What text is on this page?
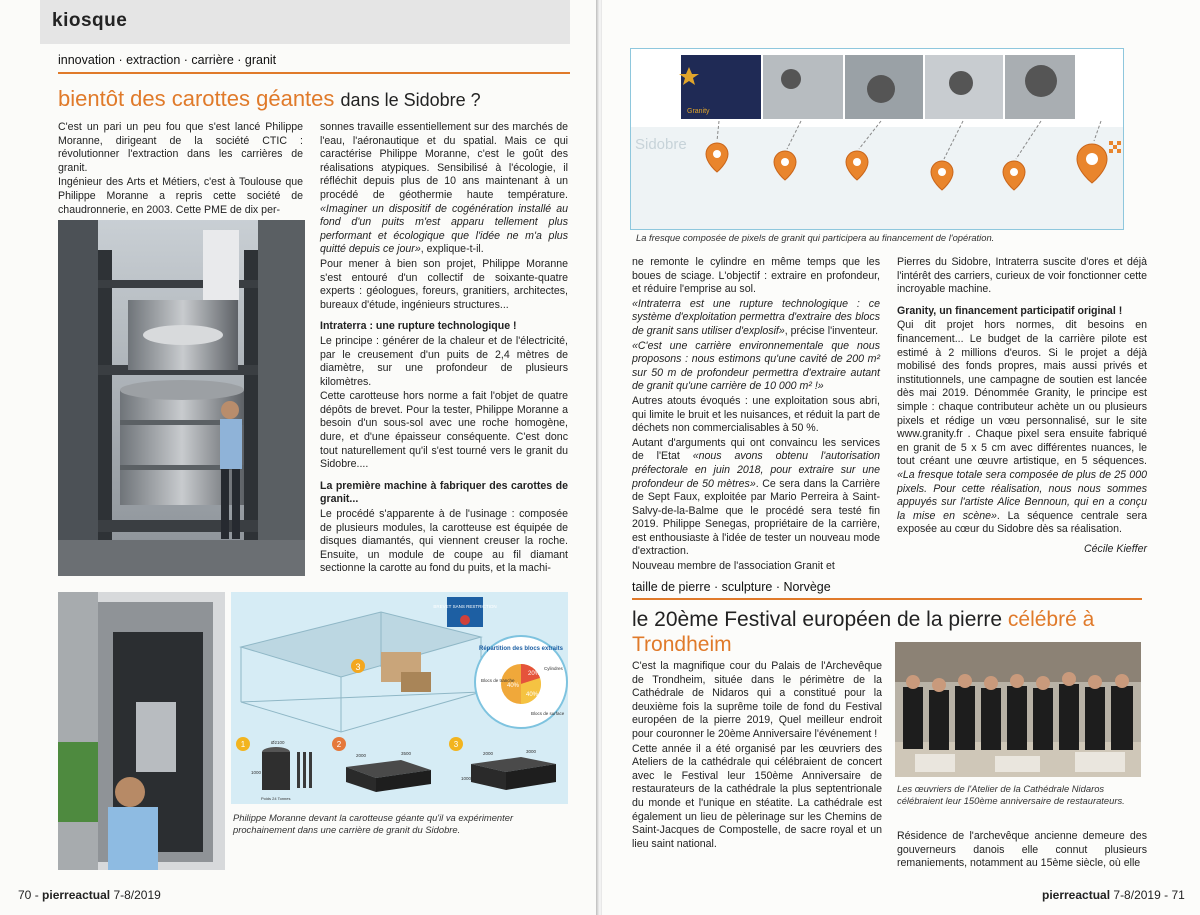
kiosque
innovation · extraction · carrière · granit
bientôt des carottes géantes dans le Sidobre ?

C'est un pari un peu fou que s'est lancé Philippe Moranne, dirigeant de la société CTIC : révolutionner l'extraction dans les carrières de granit.

Ingénieur des Arts et Métiers, c'est à Toulouse que Philippe Moranne a repris cette société de chaudronnerie, en 2003. Cette PME de dix per-

sonnes travaille essentiellement sur des marchés de l'eau, l'aéronautique et du spatial. Mais ce qui caractérise Philippe Moranne, c'est le goût des réalisations atypiques. Sensibilisé à l'écologie, il réfléchit depuis plus de 10 ans maintenant à un procédé de géothermie haute température. «Imaginer un dispositif de cogénération installé au fond d'un puits m'est apparu tellement plus performant et écologique que l'idée ne m'a plus quitté depuis ce jour», explique-t-il.

Pour mener à bien son projet, Philippe Moranne s'est entouré d'un collectif de soixante-quatre experts : géologues, foreurs, granitiers, architectes, bureaux d'étude, ingénieurs structures...

Intraterra : une rupture technologique !

Le principe : générer de la chaleur et de l'électricité, par le creusement d'un puits de 2,4 mètres de diamètre, sur une profondeur de plusieurs kilomètres.

Cette carotteuse hors norme a fait l'objet de quatre dépôts de brevet. Pour la tester, Philippe Moranne a besoin d'un sous-sol avec une roche homogène, dure, et d'une épaisseur conséquente. C'est donc tout naturellement qu'il s'est tourné vers le granit du Sidobre....

La première machine à fabriquer des carottes de granit...

Le procédé s'apparente à de l'usinage : composée de plusieurs modules, la carotteuse est équipée de disques diamantés, qui viennent creuser la roche. Ensuite, un module de coupe au fil diamant sectionne la carotte au fond du puits, et la machi-

3
BREVET SANS RESTRICTION
Répartition des blocs extraits
20%
40%
40%
Cylindres
Blocs de tranche
Blocs de surface
1	Ø2100
1000
Poids 24 Tonnes
2
2000	3500
3
2000	3000
1000
Philippe Moranne devant la carotteuse géante qu'il va expérimenter prochainement dans une carrière de granit du Sidobre.
70 - pierreactual 7-8/2019
Granity
Sidobre
La fresque composée de pixels de granit qui participera au financement de l'opération.

ne remonte le cylindre en même temps que les boues de sciage. L'objectif : extraire en profondeur, et réduire l'emprise au sol.

«Intraterra est une rupture technologique : ce système d'exploitation permettra d'extraire des blocs de granit sans utiliser d'explosif», précise l'inventeur.

«C'est une carrière environnementale que nous proposons : nous estimons qu'une cavité de 200 m² sur 50 m de profondeur permettra d'extraire autant de granit qu'une carrière de 10 000 m² !»

Autres atouts évoqués : une exploitation sous abri, qui limite le bruit et les nuisances, et réduit la part de déchets non commercialisables à 50 %.

Autant d'arguments qui ont convaincu les services de l'Etat «nous avons obtenu l'autorisation préfectorale en juin 2018, pour extraire sur une profondeur de 50 mètres». Ce sera dans la Carrière de Sept Faux, exploitée par Mario Perreira à Saint-Salvy-de-la-Balme que le procédé sera testé fin 2019. Philippe Senegas, propriétaire de la carrière, est enthousiaste à l'idée de tester un nouveau mode d'extraction.

Nouveau membre de l'association Granit et

Pierres du Sidobre, Intraterra suscite d'ores et déjà l'intérêt des carriers, curieux de voir fonctionner cette incroyable machine.

Granity, un financement participatif original !

Qui dit projet hors normes, dit besoins en financement... Le budget de la carrière pilote est estimé à 2 millions d'euros. Si le projet a déjà mobilisé des fonds propres, mais aussi privés et institutionnels, une campagne de soutien est lancée dès mai 2019. Dénommée Granity, le principe est simple : chaque contributeur achète un ou plusieurs pixels et rédige un vœu personnalisé, sur le site www.granity.fr . Chaque pixel sera ensuite fabriqué en granit de 5 x 5 cm avec différentes nuances, le tout créant une œuvre artistique, en 5 séquences. «La fresque totale sera composée de plus de 25 000 pixels. Pour cette réalisation, nous nous sommes appuyés sur l'artiste Alice Bennoun, qui en a conçu la mise en scène». La séquence centrale sera exposée au cœur du Sidobre dès sa réalisation.

Cécile Kieffer

taille de pierre · sculpture · Norvège
le 20ème Festival européen de la pierre célébré à
Trondheim

C'est la magnifique cour du Palais de l'Archevêque de Trondheim, située dans le périmètre de la Cathédrale de Nidaros qui a constitué pour la deuxième fois la suprême toile de fond du Festival européen de la pierre 2019, Quel meilleur endroit pour couronner le 20ème Anniversaire l'événement !

Cette année il a été organisé par les œuvriers des Ateliers de la cathédrale qui célébraient de concert avec le Festival leur 150ème Anniversaire de restaurateurs de la cathédrale la plus septentrionale du monde et l'unique en stéatite. La cathédrale est également un lieu de pèlerinage sur les Chemins de Saint-Jacques de Compostelle, de sacre royal et un lieu saint national.

Les œuvriers de l'Atelier de la Cathédrale Nidaros célébraient leur 150ème anniversaire de restaurateurs.

Résidence de l'archevêque ancienne demeure des gouverneurs danois elle connut plusieurs remaniements, notamment au 15ème siècle, où elle

pierreactual 7-8/2019 - 71
